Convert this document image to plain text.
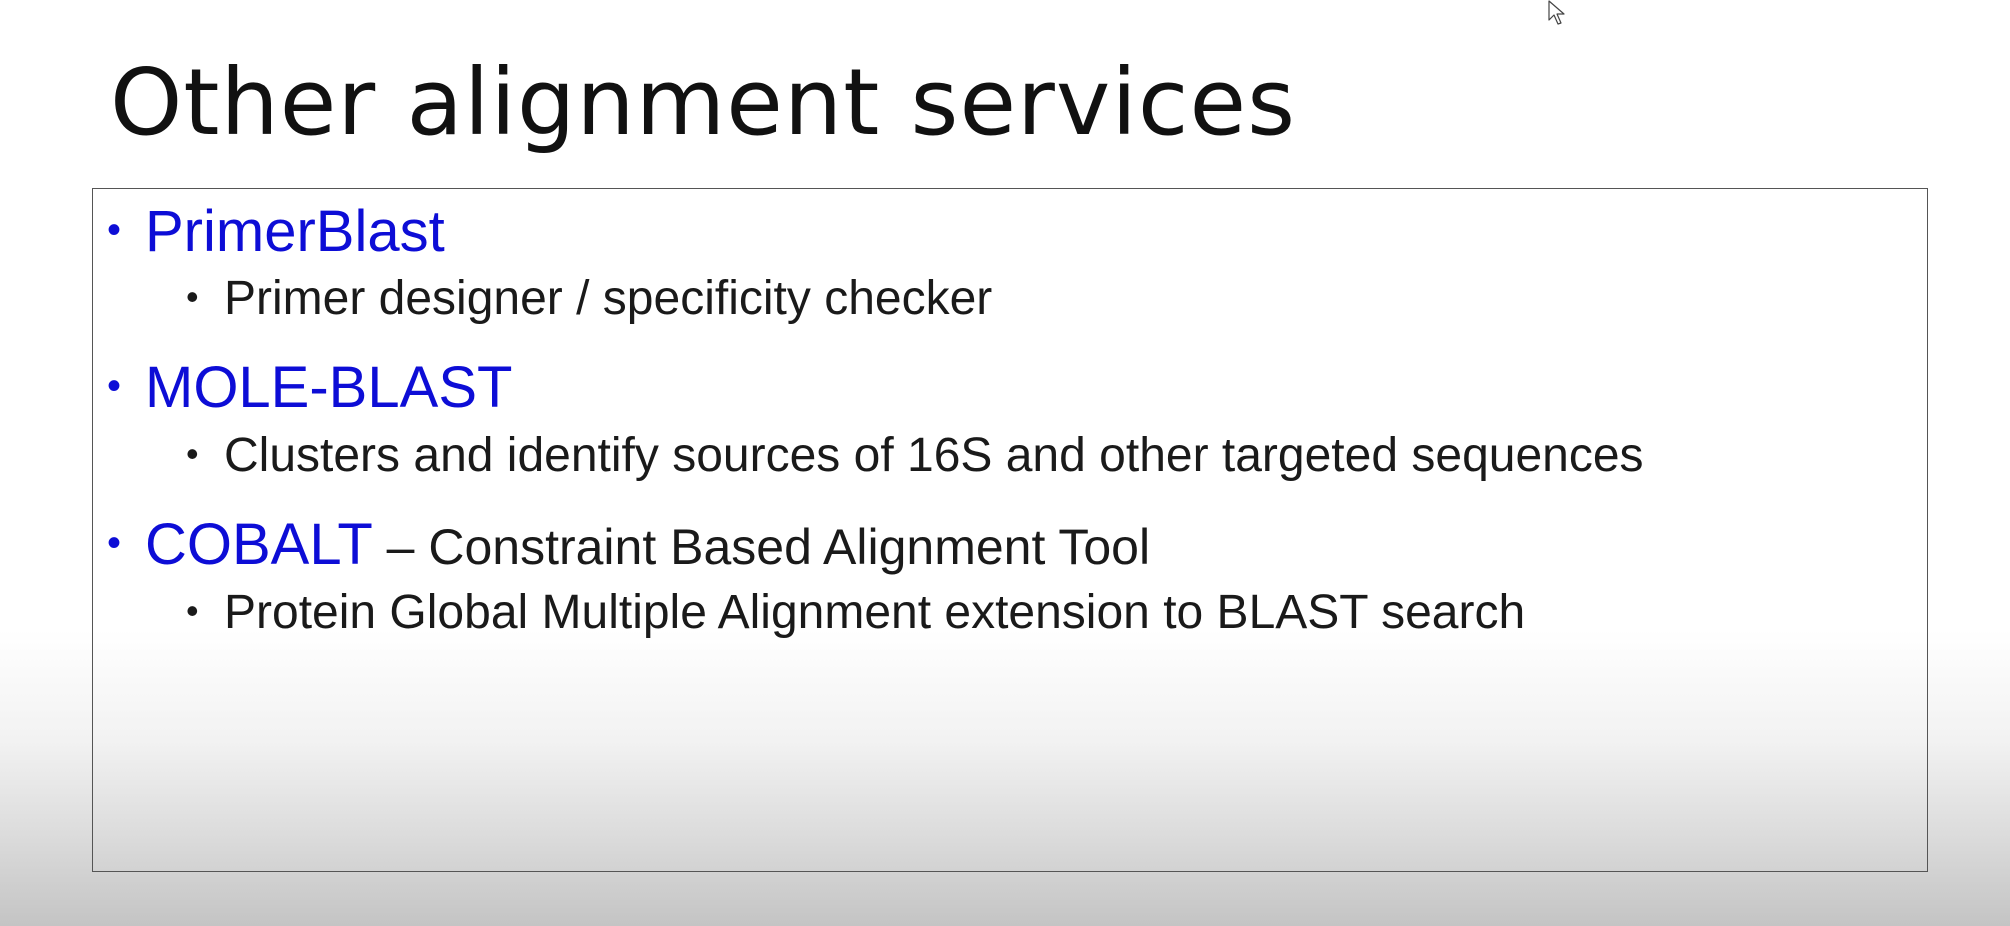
Other alignment services
• PrimerBlast
• Primer designer / specificity checker
• MOLE-BLAST
• Clusters and identify sources of 16S and other targeted sequences
• COBALT – Constraint Based Alignment Tool
• Protein Global Multiple Alignment extension to BLAST search
